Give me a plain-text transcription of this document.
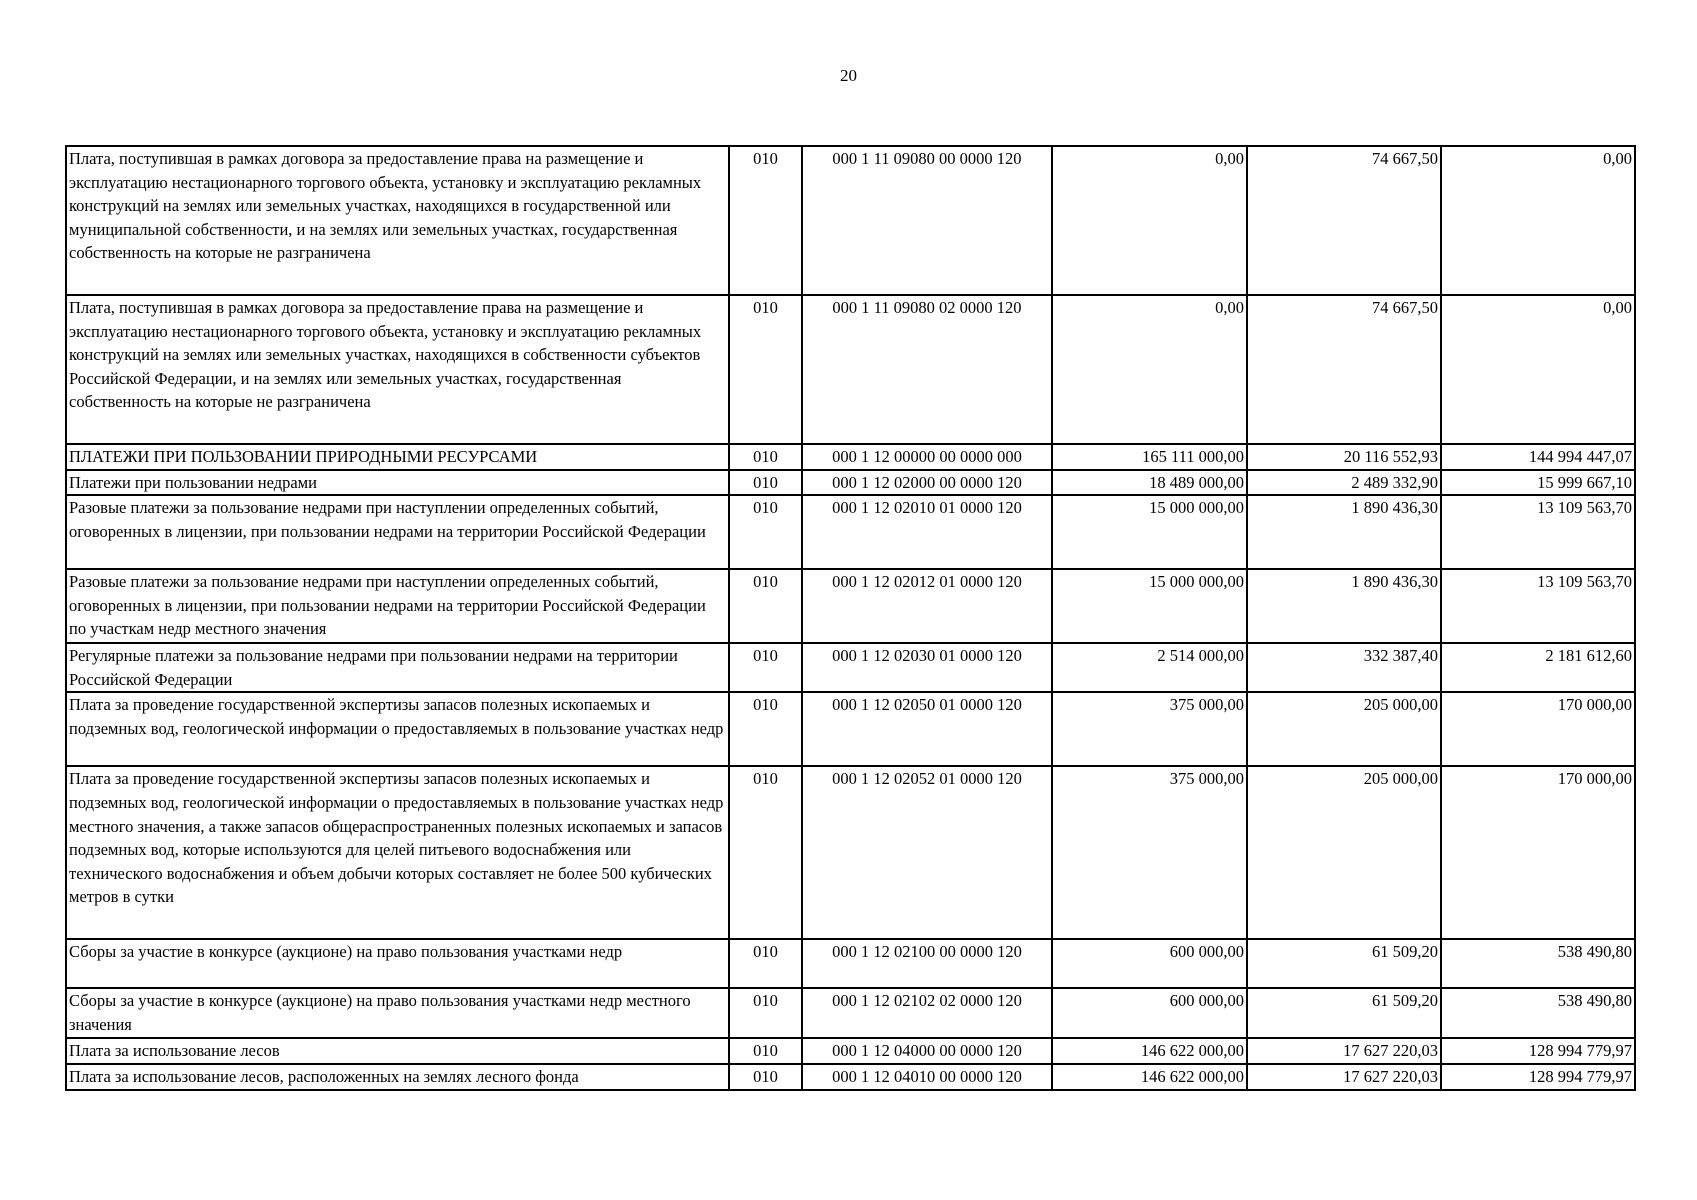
20
Плата, поступившая в рамках договора за предоставление права на размещение и эксплуатацию нестационарного торгового объекта, установку и эксплуатацию рекламных конструкций на землях или земельных участках, находящихся в государственной или муниципальной собственности, и на землях или земельных участках, государственная собственность на которые не разграничена	010	000 1 11 09080 00 0000 120	0,00	74 667,50	0,00
Плата, поступившая в рамках договора за предоставление права на размещение и эксплуатацию нестационарного торгового объекта, установку и эксплуатацию рекламных конструкций на землях или земельных участках, находящихся в собственности субъектов Российской Федерации, и на землях или земельных участках, государственная собственность на которые не разграничена	010	000 1 11 09080 02 0000 120	0,00	74 667,50	0,00
ПЛАТЕЖИ ПРИ ПОЛЬЗОВАНИИ ПРИРОДНЫМИ РЕСУРСАМИ	010	000 1 12 00000 00 0000 000	165 111 000,00	20 116 552,93	144 994 447,07
Платежи при пользовании недрами	010	000 1 12 02000 00 0000 120	18 489 000,00	2 489 332,90	15 999 667,10
Разовые платежи за пользование недрами при наступлении определенных событий, оговоренных в лицензии, при пользовании недрами на территории Российской Федерации	010	000 1 12 02010 01 0000 120	15 000 000,00	1 890 436,30	13 109 563,70
Разовые платежи за пользование недрами при наступлении определенных событий, оговоренных в лицензии, при пользовании недрами на территории Российской Федерации по участкам недр местного значения	010	000 1 12 02012 01 0000 120	15 000 000,00	1 890 436,30	13 109 563,70
Регулярные платежи за пользование недрами при пользовании недрами на территории Российской Федерации	010	000 1 12 02030 01 0000 120	2 514 000,00	332 387,40	2 181 612,60
Плата за проведение государственной экспертизы запасов полезных ископаемых и подземных вод, геологической информации о предоставляемых в пользование участках недр	010	000 1 12 02050 01 0000 120	375 000,00	205 000,00	170 000,00
Плата за проведение государственной экспертизы запасов полезных ископаемых и подземных вод, геологической информации о предоставляемых в пользование участках недр местного значения, а также запасов общераспространенных полезных ископаемых и запасов подземных вод, которые используются для целей питьевого водоснабжения или технического водоснабжения и объем добычи которых составляет не более 500 кубических метров в сутки	010	000 1 12 02052 01 0000 120	375 000,00	205 000,00	170 000,00
Сборы за участие в конкурсе (аукционе) на право пользования участками недр	010	000 1 12 02100 00 0000 120	600 000,00	61 509,20	538 490,80
Сборы за участие в конкурсе (аукционе) на право пользования участками недр местного значения	010	000 1 12 02102 02 0000 120	600 000,00	61 509,20	538 490,80
Плата за использование лесов	010	000 1 12 04000 00 0000 120	146 622 000,00	17 627 220,03	128 994 779,97
Плата за использование лесов, расположенных на землях лесного фонда	010	000 1 12 04010 00 0000 120	146 622 000,00	17 627 220,03	128 994 779,97
